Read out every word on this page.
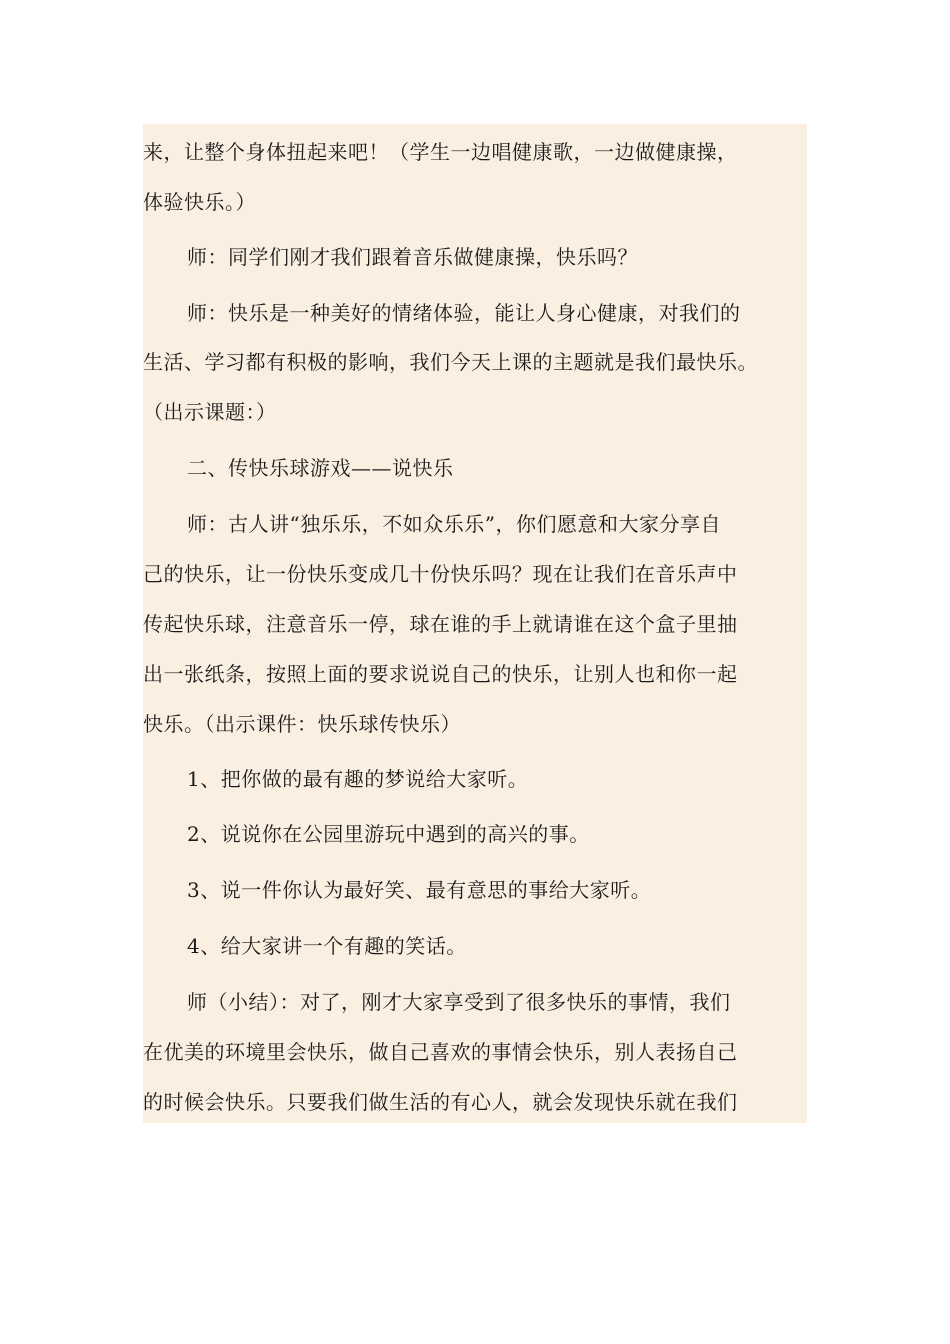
来，让整个身体扭起来吧！（学生一边唱健康歌，一边做健康操，
体验快乐。）
师：同学们刚才我们跟着音乐做健康操，快乐吗？
师：快乐是一种美好的情绪体验，能让人身心健康，对我们的
生活、学习都有积极的影响，我们今天上课的主题就是我们最快乐。
（出示课题：）
二、传快乐球游戏——说快乐
师：古人讲“独乐乐，不如众乐乐”，你们愿意和大家分享自
己的快乐，让一份快乐变成几十份快乐吗？现在让我们在音乐声中
传起快乐球，注意音乐一停，球在谁的手上就请谁在这个盒子里抽
出一张纸条，按照上面的要求说说自己的快乐，让别人也和你一起
快乐。（出示课件：快乐球传快乐）
1、把你做的最有趣的梦说给大家听。
2、说说你在公园里游玩中遇到的高兴的事。
3、说一件你认为最好笑、最有意思的事给大家听。
4、给大家讲一个有趣的笑话。
师（小结）：对了，刚才大家享受到了很多快乐的事情，我们
在优美的环境里会快乐，做自己喜欢的事情会快乐，别人表扬自己
的时候会快乐。只要我们做生活的有心人，就会发现快乐就在我们
